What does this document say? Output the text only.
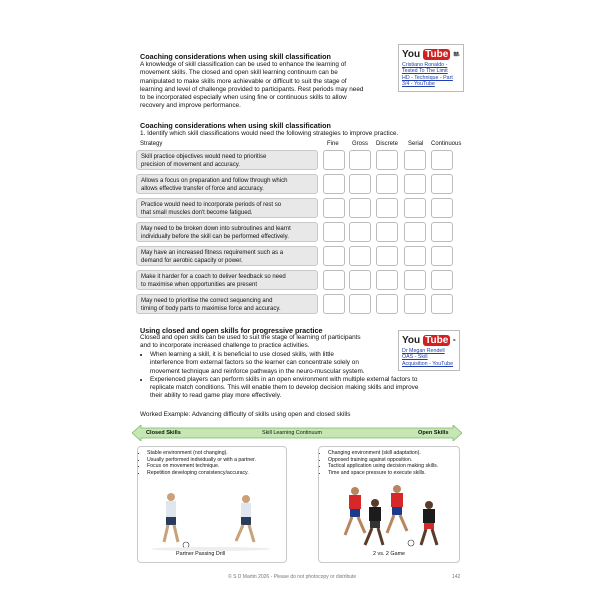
Coaching considerations when using skill classification
A knowledge of skill classification can be used to enhance the learning of
movement skills. The closed and open skill learning continuum can be
manipulated to make skills more achievable or difficult to suit the stage of
learning and level of challenge provided to participants. Rest periods may need
to be incorporated especially when using fine or continuous skills to allow
recovery and improve performance.
You Tube
Cristiano Ronaldo -
Tested To The Limit
HD - Technique - Part
3/4 - YouTube
Coaching considerations when using skill classification
1. Identify which skill classifications would need the following strategies to improve practice.
Strategy	Fine Gross Discrete Serial Continuous
Skill practice objectives would need to prioritise
precision of movement and accuracy.
Allows a focus on preparation and follow through which
allows effective transfer of force and accuracy.
Practice would need to incorporate periods of rest so
that small muscles don't become fatigued.
May need to be broken down into subroutines and learnt
individually before the skill can be performed effectively.
May have an increased fitness requirement such as a
demand for aerobic capacity or power.
Make it harder for a coach to deliver feedback so need
to maximise when opportunities are present
May need to prioritise the correct sequencing and
timing of body parts to maximise force and accuracy.
Using closed and open skills for progressive practice
Closed and open skills can be used to suit the stage of learning of participants
and to incorporate increased challenge to practice activities.
• When learning a skill, it is beneficial to use closed skills, with little
interference from external factors so the learner can concentrate solely on
movement technique and reinforce pathways in the neuro-muscular system.
• Experienced players can perform skills in an open environment with multiple external factors to
replicate match conditions. This will enable them to develop decision making skills and improve
their ability to read game play more effectively.
You Tube
Dr Megan Rendell
OAS - Skill
Acquisition - YouTube
Worked Example: Advancing difficulty of skills using open and closed skills
Closed Skills	Skill Learning Continuum	Open Skills
• Stable environment (not changing).
• Usually performed individually or with a partner.
• Focus on movement technique.
• Repetition developing consistency/accuracy.
Partner Passing Drill
• Changing environment (skill adaptation).
• Opposed training against opposition.
• Tactical application using decision making skills.
• Time and space pressure to execute skills.
2 vs. 2 Game
© S D Martin 2026 - Please do not photocopy or distribute	142
